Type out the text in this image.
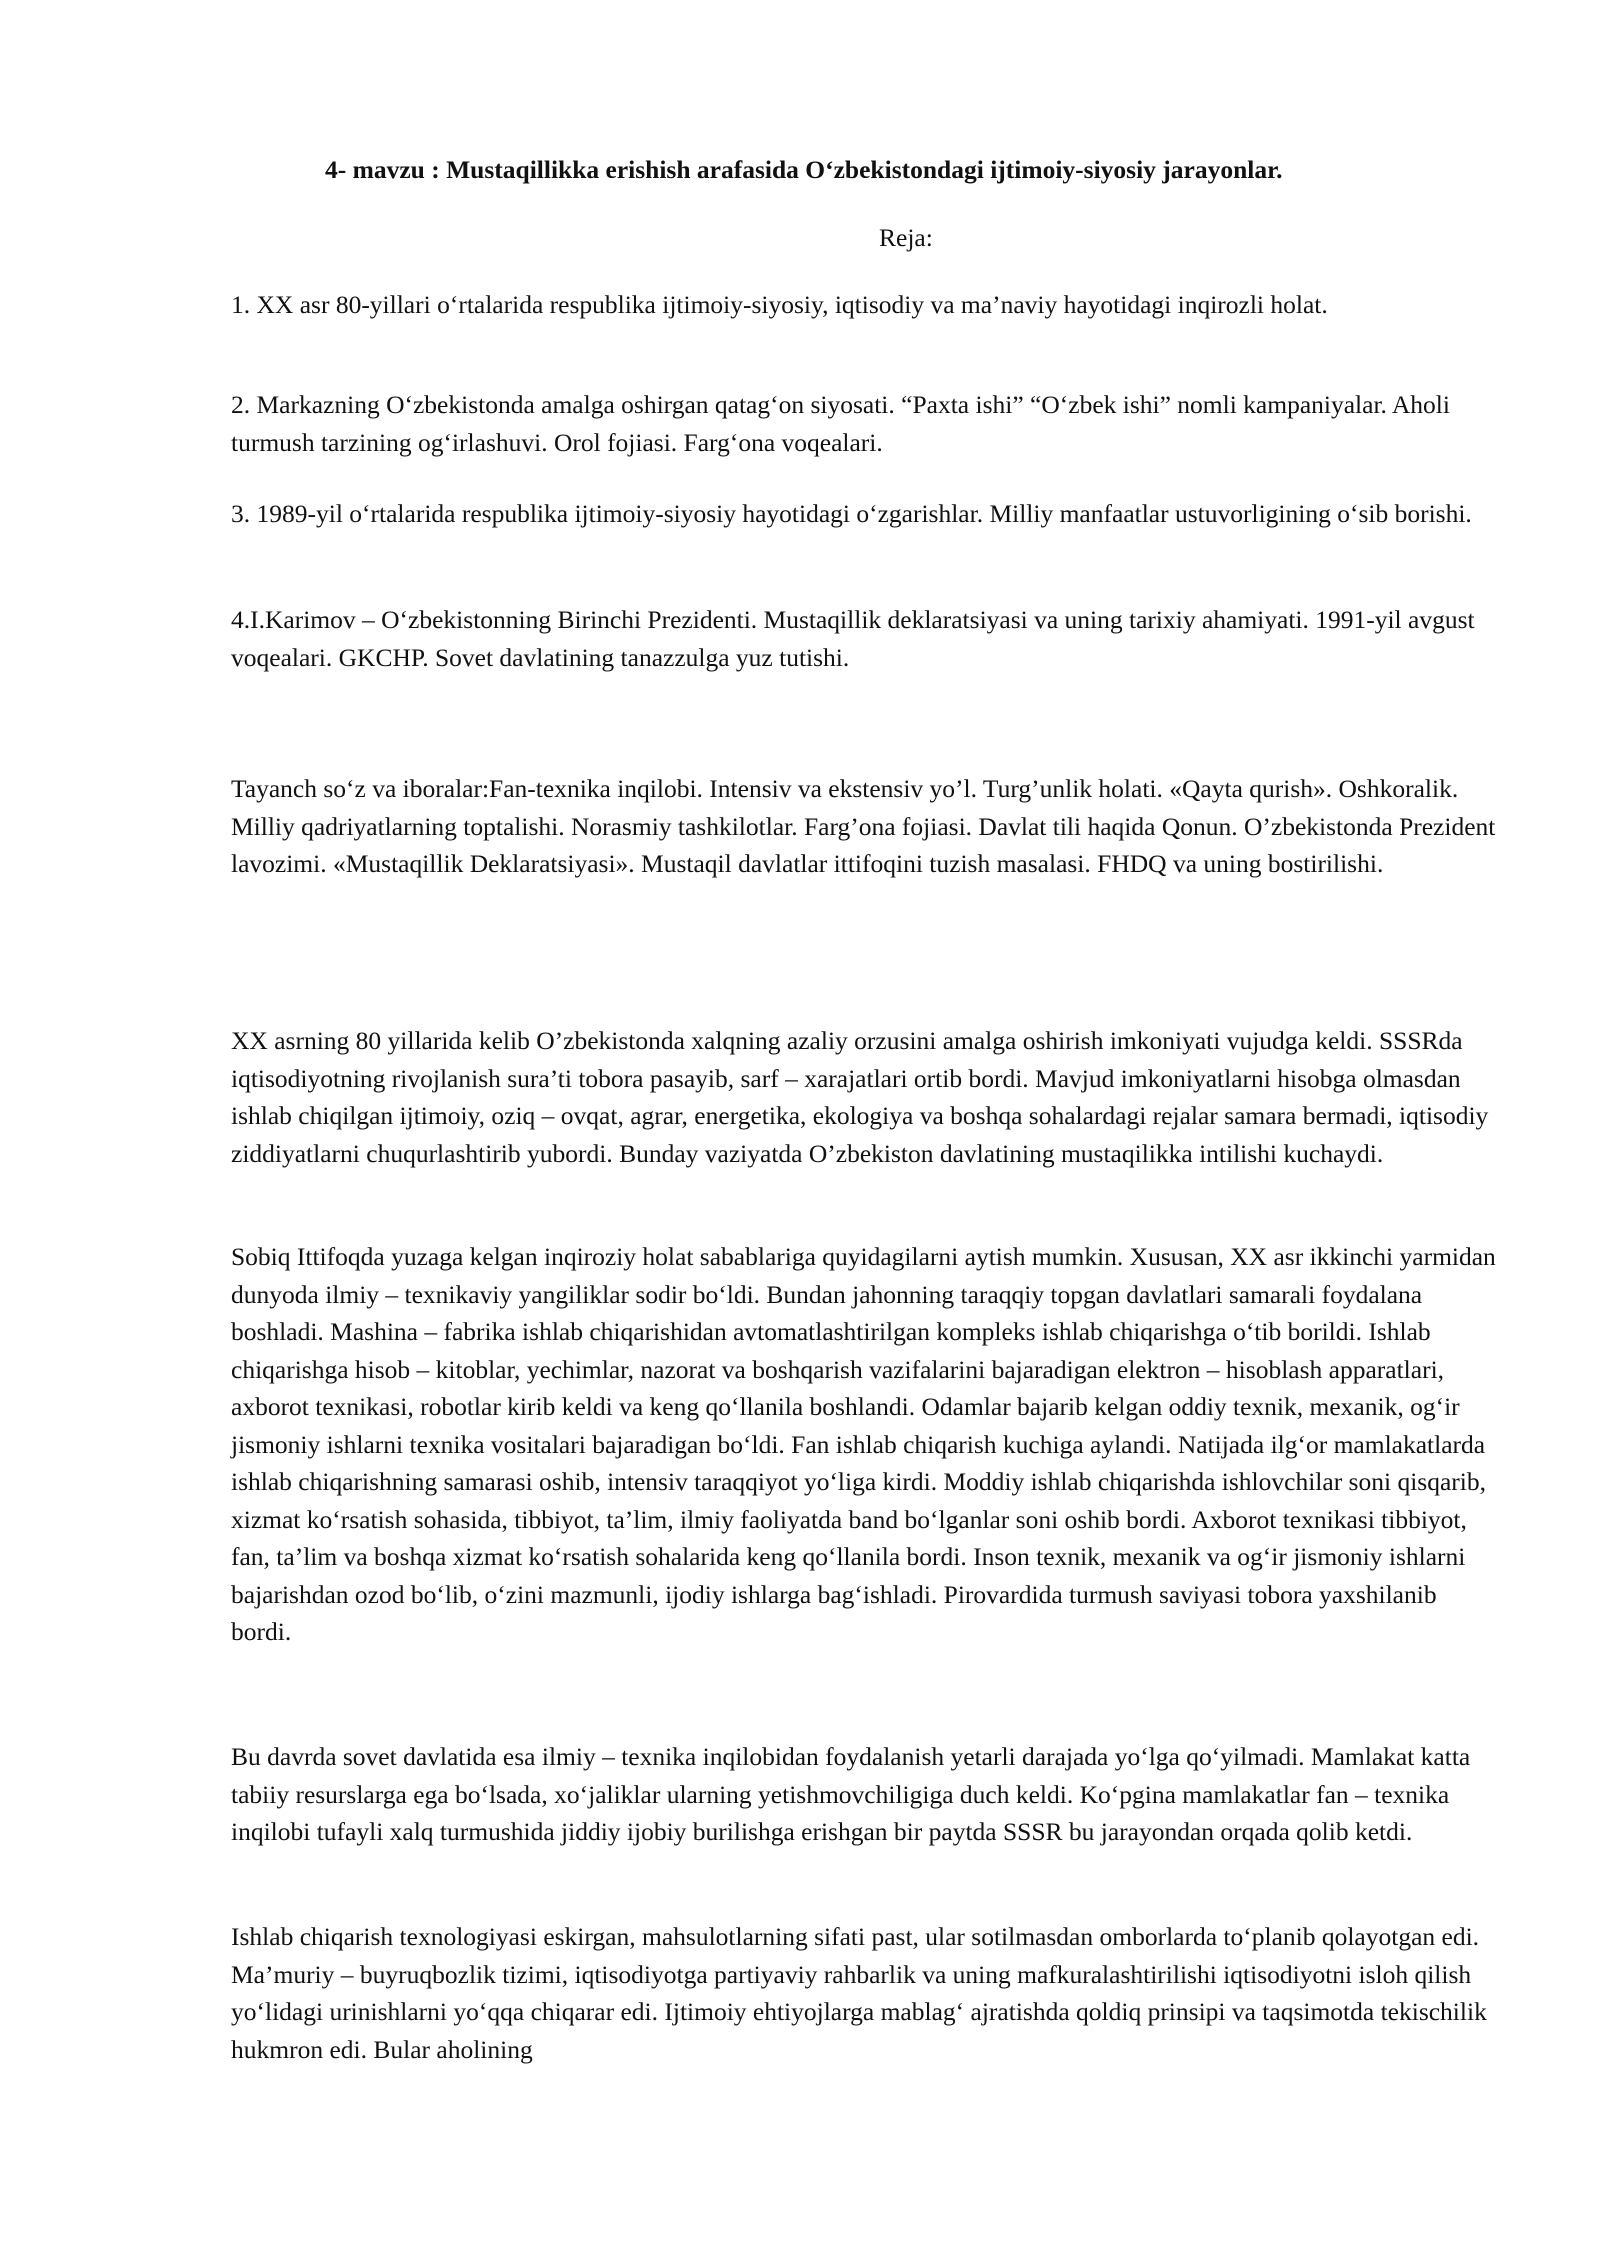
4- mavzu : Mustaqillikka erishish arafasida O‘zbekistondagi ijtimoiy-siyosiy jarayonlar.
Reja:

1. XX asr 80-yillari o‘rtalarida respublika ijtimoiy-siyosiy, iqtisodiy va ma’naviy hayotidagi inqirozli holat.

2. Markazning O‘zbekistonda amalga oshirgan qatag‘on siyosati. “Paxta ishi” “O‘zbek ishi” nomli kampaniyalar. Aholi turmush tarzining og‘irlashuvi. Orol fojiasi. Farg‘ona voqealari.

3. 1989-yil o‘rtalarida respublika ijtimoiy-siyosiy hayotidagi o‘zgarishlar. Milliy manfaatlar ustuvorligining o‘sib borishi.

4.I.Karimov – O‘zbekistonning Birinchi Prezidenti. Mustaqillik deklaratsiyasi va uning tarixiy ahamiyati. 1991-yil avgust voqealari. GKCHP. Sovet davlatining tanazzulga yuz tutishi.

Tayanch so‘z va iboralar:Fan-texnika inqilobi. Intensiv va ekstensiv yo’l. Turg’unlik holati. «Qayta qurish». Oshkoralik. Milliy qadriyatlarning toptalishi. Norasmiy tashkilotlar. Farg’ona fojiasi. Davlat tili haqida Qonun. O’zbekistonda Prezident lavozimi. «Mustaqillik Deklaratsiyasi». Mustaqil davlatlar ittifoqini tuzish masalasi. FHDQ va uning bostirilishi.

XX asrning 80 yillarida kelib O’zbekistonda xalqning azaliy orzusini amalga oshirish imkoniyati vujudga keldi. SSSRda iqtisodiyotning rivojlanish sura’ti tobora pasayib, sarf – xarajatlari ortib bordi. Mavjud imkoniyatlarni hisobga olmasdan ishlab chiqilgan ijtimoiy, oziq – ovqat, agrar, energetika, ekologiya va boshqa sohalardagi rejalar samara bermadi, iqtisodiy ziddiyatlarni chuqurlashtirib yubordi. Bunday vaziyatda O’zbekiston davlatining mustaqilikka intilishi kuchaydi.

Sobiq Ittifoqda yuzaga kelgan inqiroziy holat sabablariga quyidagilarni aytish mumkin. Xususan, XX asr ikkinchi yarmidan dunyoda ilmiy – texnikaviy yangiliklar sodir bo‘ldi. Bundan jahonning taraqqiy topgan davlatlari samarali foydalana boshladi. Mashina – fabrika ishlab chiqarishidan avtomatlashtirilgan kompleks ishlab chiqarishga o‘tib borildi. Ishlab chiqarishga hisob – kitoblar, yechimlar, nazorat va boshqarish vazifalarini bajaradigan elektron – hisoblash apparatlari, axborot texnikasi, robotlar kirib keldi va keng qo‘llanila boshlandi. Odamlar bajarib kelgan oddiy texnik, mexanik, og‘ir jismoniy ishlarni texnika vositalari bajaradigan bo‘ldi. Fan ishlab chiqarish kuchiga aylandi. Natijada ilg‘or mamlakatlarda ishlab chiqarishning samarasi oshib, intensiv taraqqiyot yo‘liga kirdi. Moddiy ishlab chiqarishda ishlovchilar soni qisqarib, xizmat ko‘rsatish sohasida, tibbiyot, ta’lim, ilmiy faoliyatda band bo‘lganlar soni oshib bordi. Axborot texnikasi tibbiyot, fan, ta’lim va boshqa xizmat ko‘rsatish sohalarida keng qo‘llanila bordi. Inson texnik, mexanik va og‘ir jismoniy ishlarni bajarishdan ozod bo‘lib, o‘zini mazmunli, ijodiy ishlarga bag‘ishladi. Pirovardida turmush saviyasi tobora yaxshilanib bordi.

Bu davrda sovet davlatida esa ilmiy – texnika inqilobidan foydalanish yetarli darajada yo‘lga qo‘yilmadi. Mamlakat katta tabiiy resurslarga ega bo‘lsada, xo‘jaliklar ularning yetishmovchiligiga duch keldi. Ko‘pgina mamlakatlar fan – texnika inqilobi tufayli xalq turmushida jiddiy ijobiy burilishga erishgan bir paytda SSSR bu jarayondan orqada qolib ketdi.

Ishlab chiqarish texnologiyasi eskirgan, mahsulotlarning sifati past, ular sotilmasdan omborlarda to‘planib qolayotgan edi. Ma’muriy – buyruqbozlik tizimi, iqtisodiyotga partiyaviy rahbarlik va uning mafkuralashtirilishi iqtisodiyotni isloh qilish yo‘lidagi urinishlarni yo‘qqa chiqarar edi. Ijtimoiy ehtiyojlarga mablag‘ ajratishda qoldiq prinsipi va taqsimotda tekischilik hukmron edi. Bular aholining
